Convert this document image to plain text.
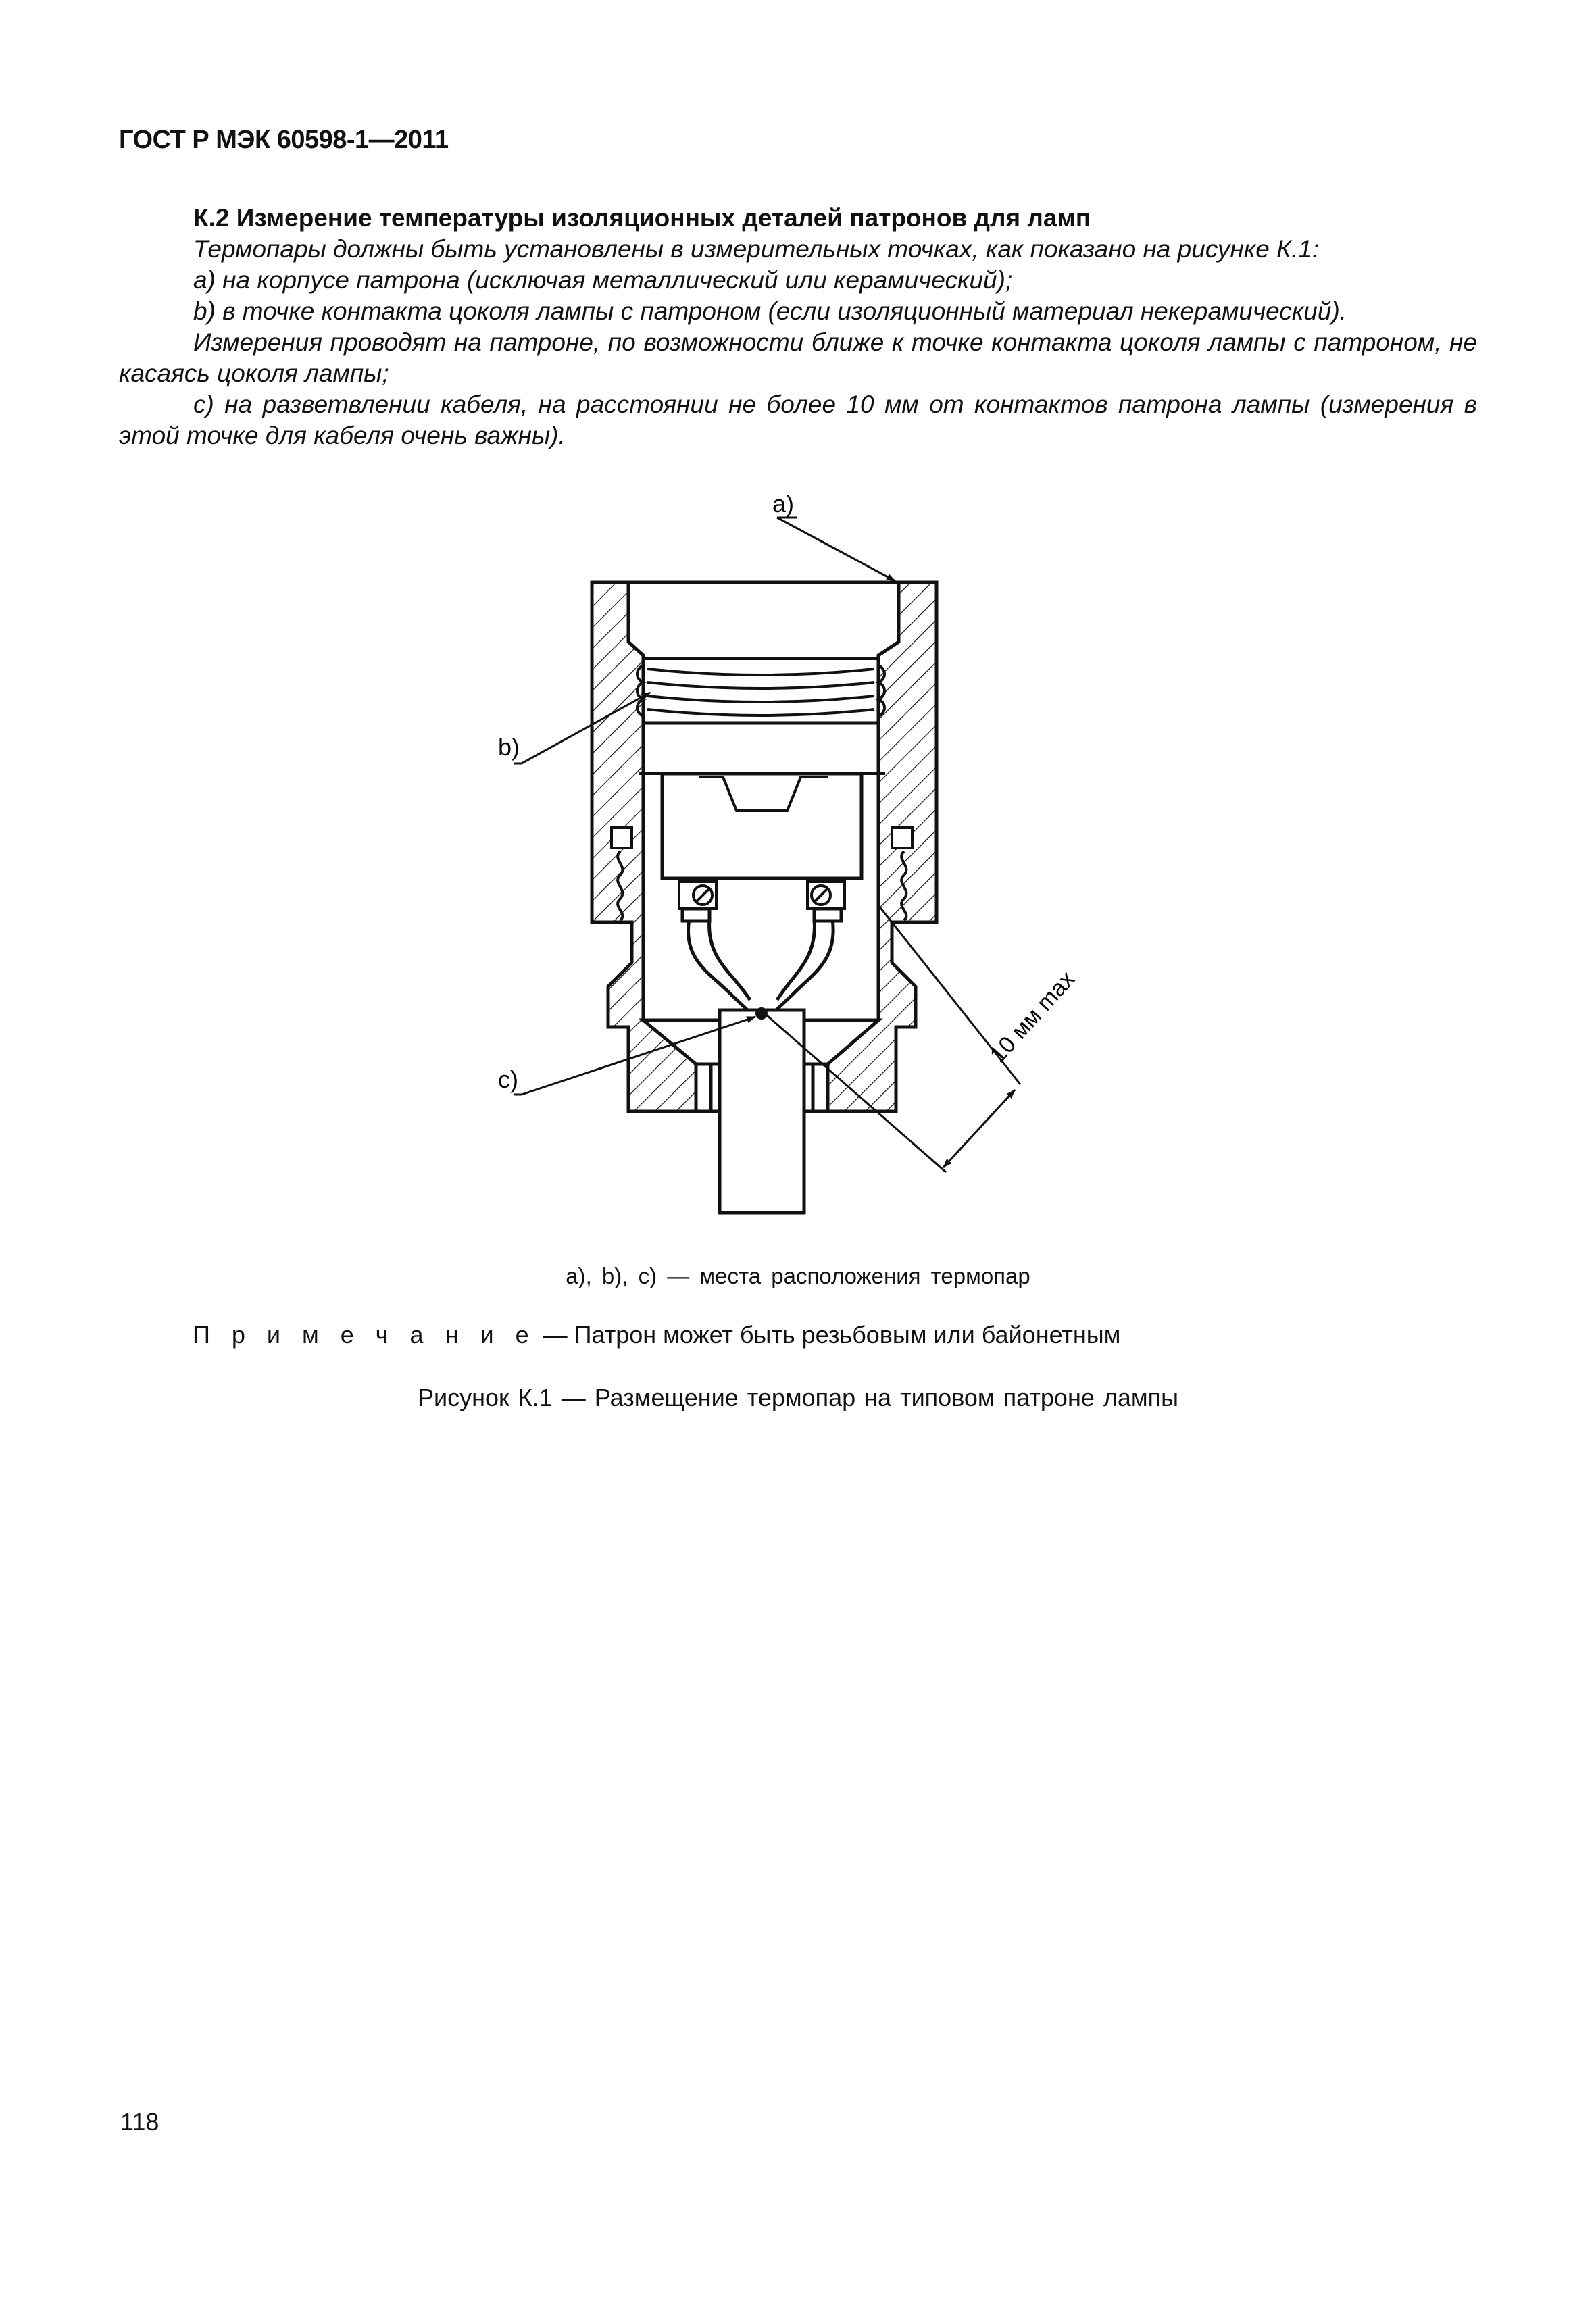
ГОСТ Р МЭК 60598-1—2011
К.2 Измерение температуры изоляционных деталей патронов для ламп
Термопары должны быть установлены в измерительных точках, как показано на рисунке К.1:
а) на корпусе патрона (исключая металлический или керамический);
b) в точке контакта цоколя лампы с патроном (если изоляционный материал некерамический).
Измерения проводят на патроне, по возможности ближе к точке контакта цоколя лампы с патроном, не касаясь цоколя лампы;
с) на разветвлении кабеля, на расстоянии не более 10 мм от контактов патрона лампы (измерения в этой точке для кабеля очень важны).
а)
b)
с)
10 мм max
а), b), с) — места расположения термопар
П р и м е ч а н и е — Патрон может быть резьбовым или байонетным
Рисунок К.1 — Размещение термопар на типовом патроне лампы
118
